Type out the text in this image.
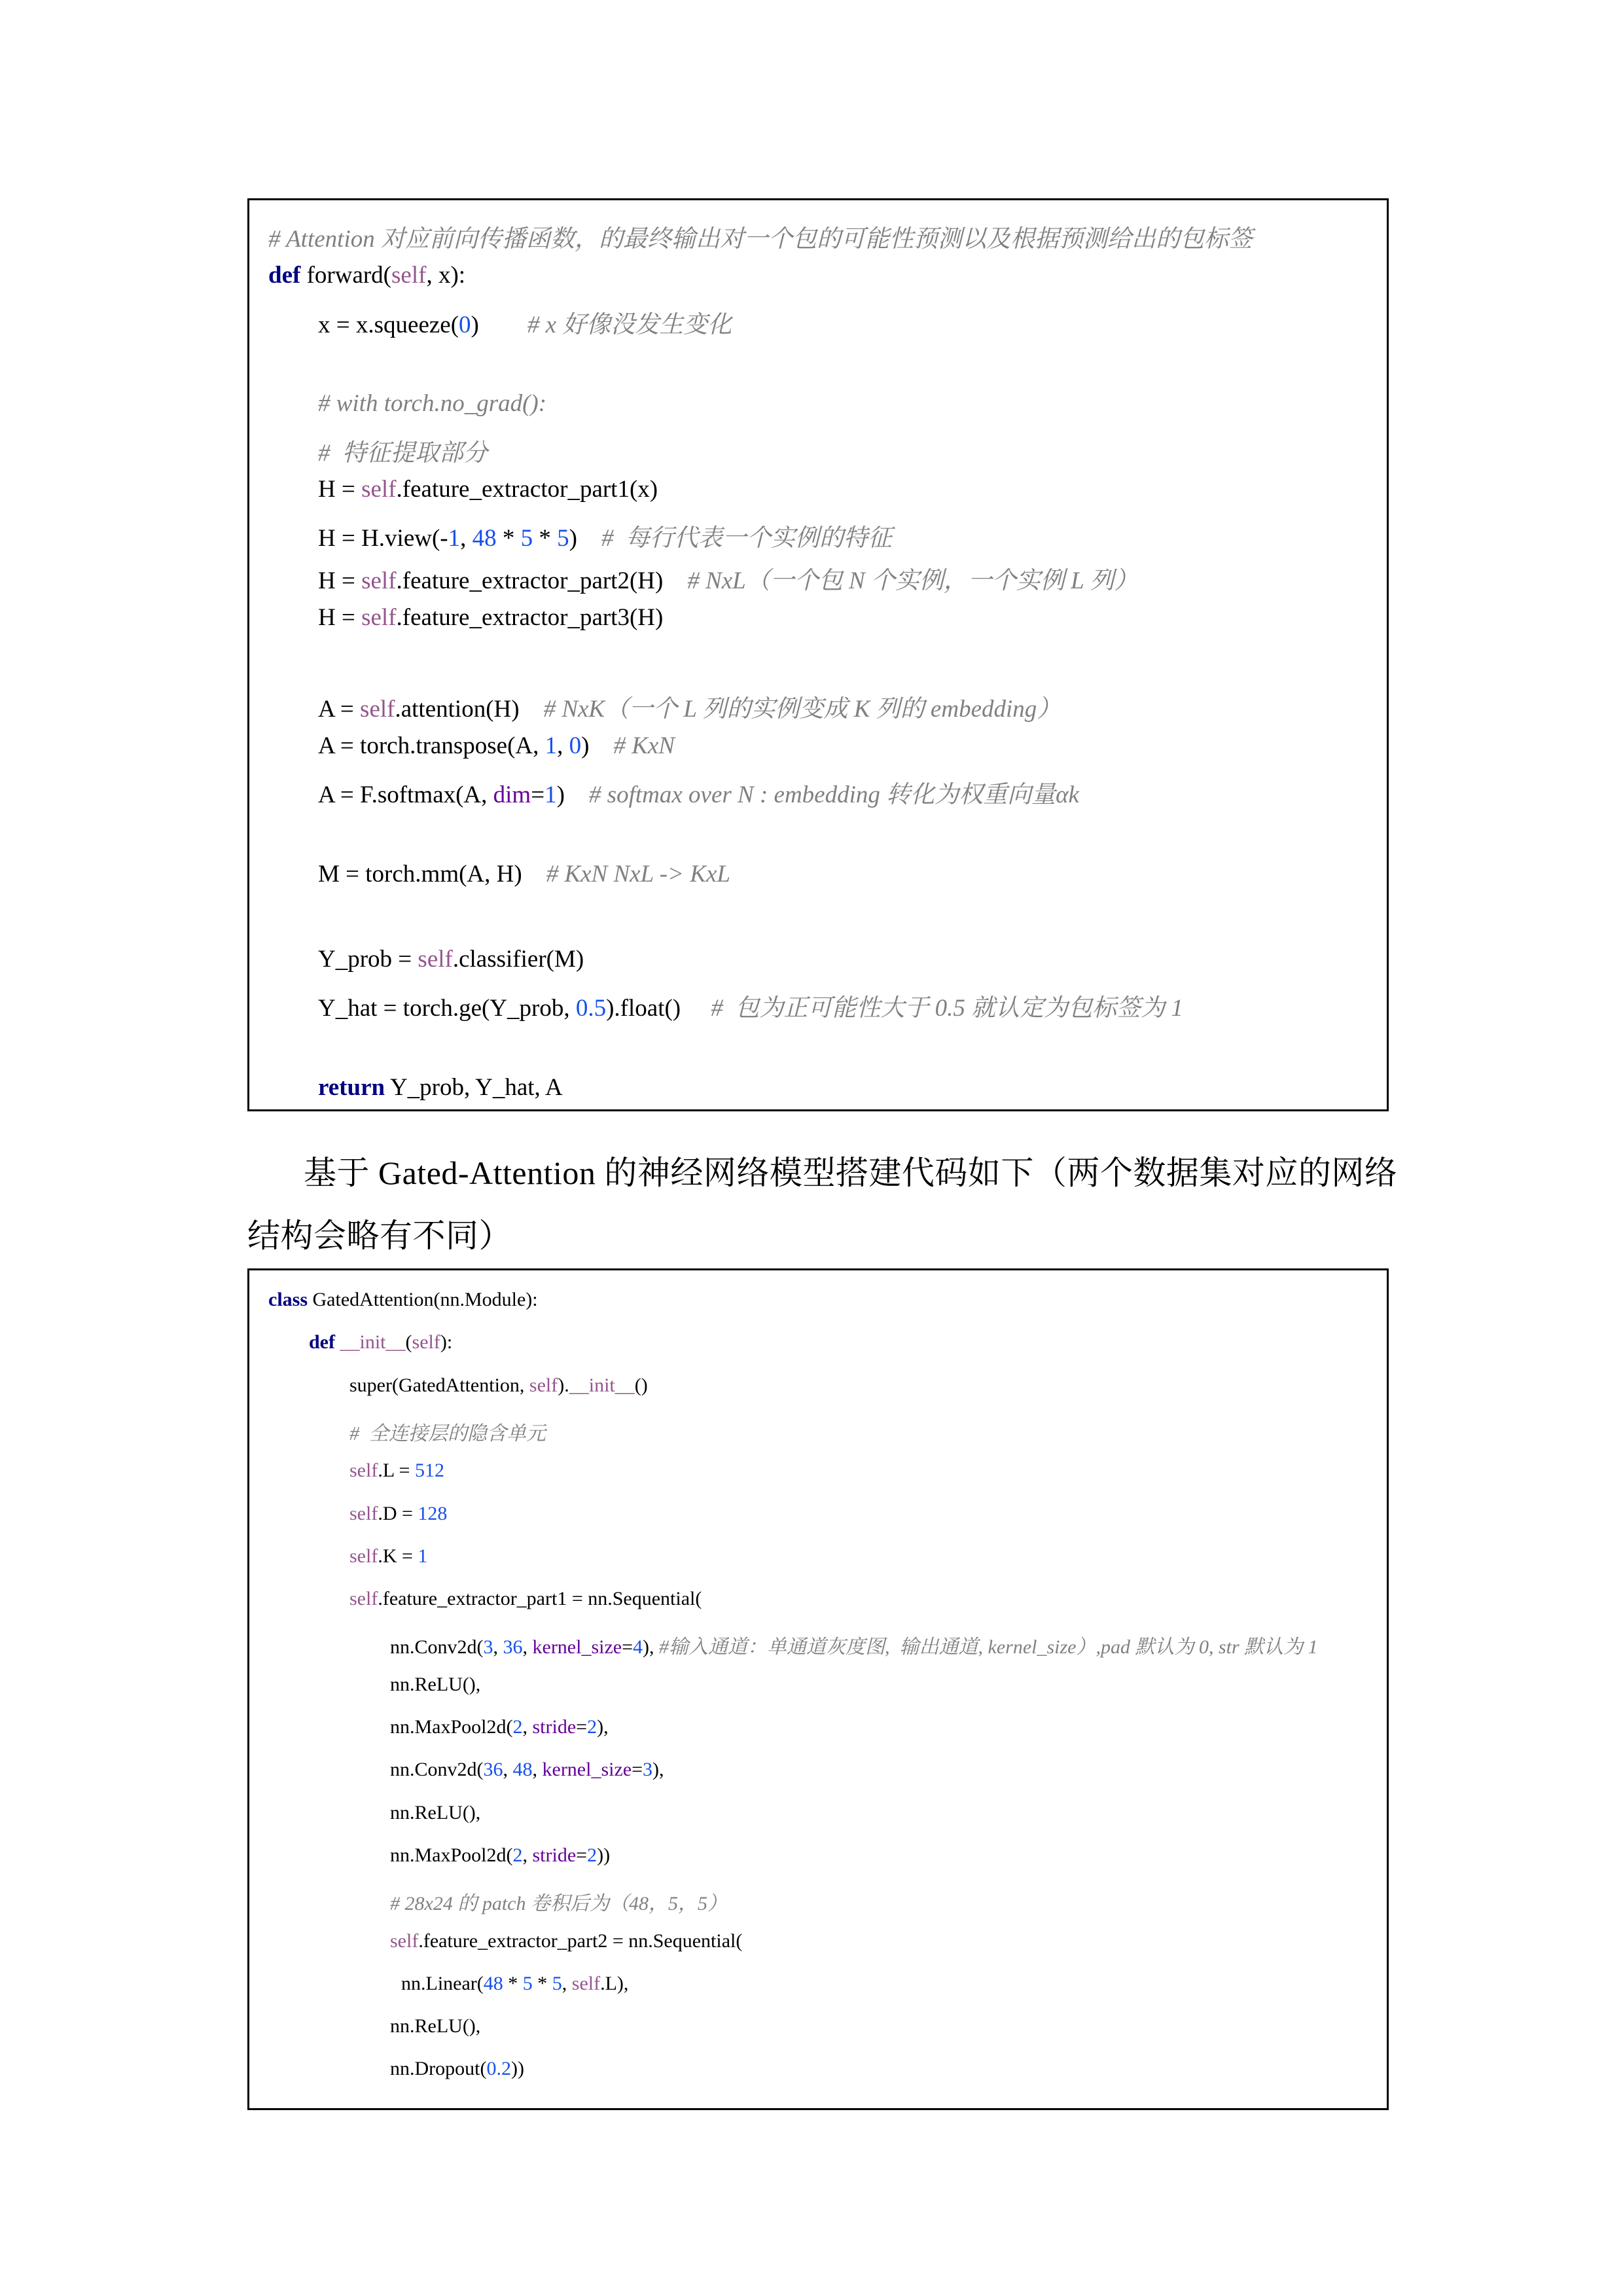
# Attention 对应前向传播函数，的最终输出对一个包的可能性预测以及根据预测给出的包标签
def forward(self, x):
x = x.squeeze(0)        # x 好像没发生变化
# with torch.no_grad():
#  特征提取部分
H = self.feature_extractor_part1(x)
H = H.view(-1, 48 * 5 * 5)    #  每行代表一个实例的特征
H = self.feature_extractor_part2(H)    # NxL（一个包 N 个实例，一个实例 L 列）
H = self.feature_extractor_part3(H)
A = self.attention(H)    # NxK（一个 L 列的实例变成 K 列的 embedding）
A = torch.transpose(A, 1, 0)    # KxN
A = F.softmax(A, dim=1)    # softmax over N : embedding 转化为权重向量αk
M = torch.mm(A, H)    # KxN NxL -> KxL
Y_prob = self.classifier(M)
Y_hat = torch.ge(Y_prob, 0.5).float()     #  包为正可能性大于 0.5 就认定为包标签为 1
return Y_prob, Y_hat, A
基于 Gated-Attention 的神经网络模型搭建代码如下（两个数据集对应的网络
结构会略有不同）
class GatedAttention(nn.Module):
def __init__(self):
super(GatedAttention, self).__init__()
#  全连接层的隐含单元
self.L = 512
self.D = 128
self.K = 1
self.feature_extractor_part1 = nn.Sequential(
nn.Conv2d(3, 36, kernel_size=4), #输入通道：单通道灰度图,  输出通道, kernel_size）,pad 默认为 0, str 默认为 1
nn.ReLU(),
nn.MaxPool2d(2, stride=2),
nn.Conv2d(36, 48, kernel_size=3),
nn.ReLU(),
nn.MaxPool2d(2, stride=2))
# 28x24 的 patch 卷积后为（48，5，5）
self.feature_extractor_part2 = nn.Sequential(
nn.Linear(48 * 5 * 5, self.L),
nn.ReLU(),
nn.Dropout(0.2))
